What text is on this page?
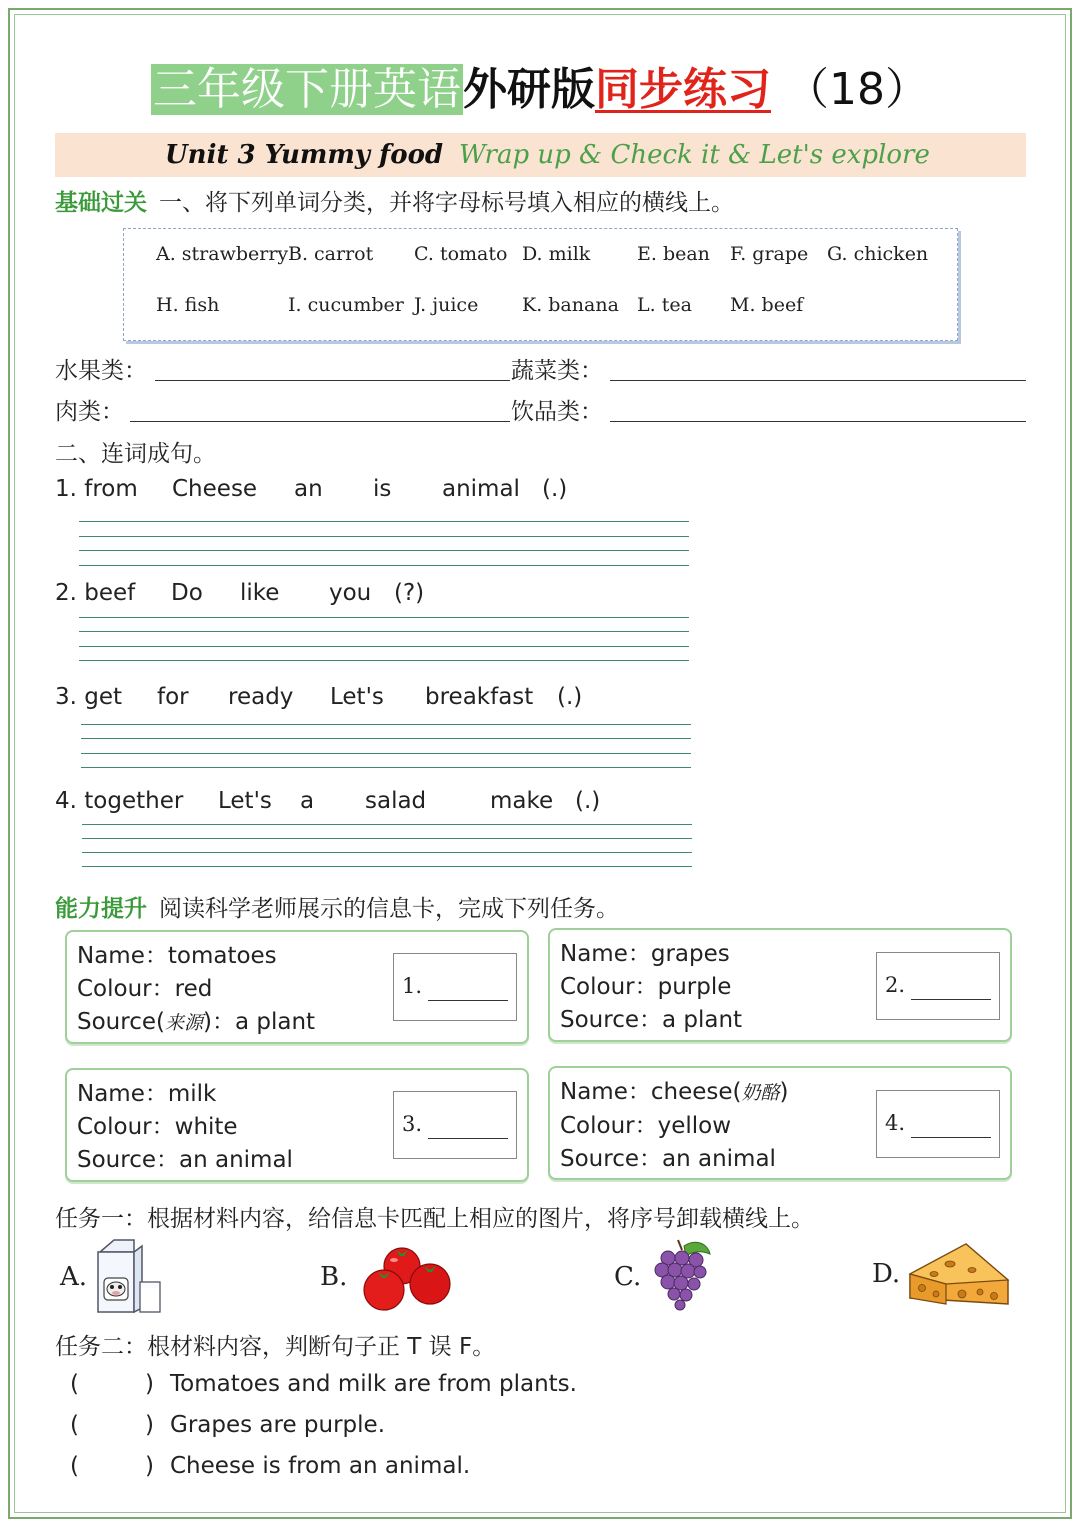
三年级下册英语外研版同步练习 （18）
Unit 3 Yummy food Wrap up & Check it & Let's explore
基础过关 一、将下列单词分类，并将字母标号填入相应的横线上。
A. strawberry B. carrot C. tomato D. milk E. bean F. grape G. chicken
H. fish	I. cucumber J. juice K. banana L. tea M. beef
水果类：	蔬菜类：
肉类：	饮品类：
二、连词成句。
1. from Cheese an is animal (.)
2. beef Do like you (?)
3. get for ready Let's breakfast (.)
4. together Let's a salad	make (.)
能力提升 阅读科学老师展示的信息卡，完成下列任务。
Name：tomatoes
Colour：red
Source(来源)：a plant
1.
Name：grapes
Colour：purple
Source：a plant
2.
Name：milk
Colour：white
Source：an animal
3.
Name：cheese(奶酪)
Colour：yellow
Source：an animal
4.
任务一：根据材料内容，给信息卡匹配上相应的图片，将序号卸载横线上。
A.	B.	C.	D.
任务二：根材料内容，判断句子正 T 误 F。
(	) Tomatoes and milk are from plants.
(	) Grapes are purple.
(	) Cheese is from an animal.
